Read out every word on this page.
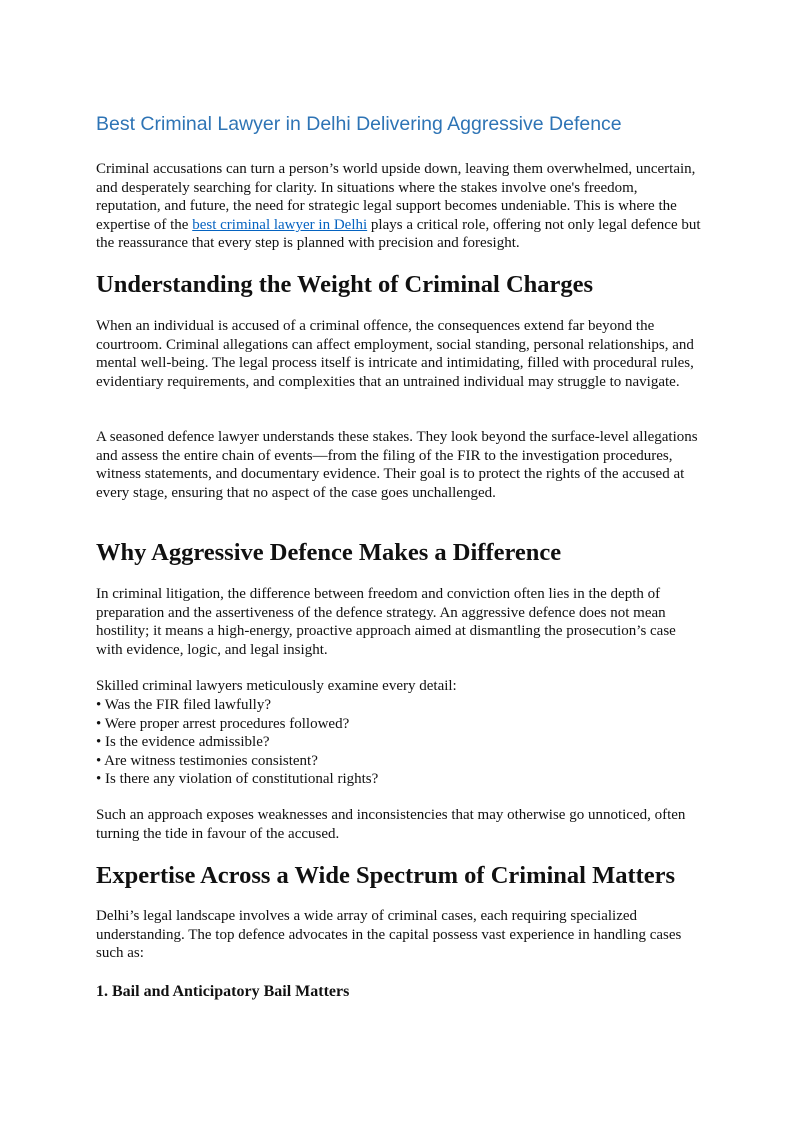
Best Criminal Lawyer in Delhi Delivering Aggressive Defence

Criminal accusations can turn a person’s world upside down, leaving them overwhelmed, uncertain, and desperately searching for clarity. In situations where the stakes involve one's freedom, reputation, and future, the need for strategic legal support becomes undeniable. This is where the expertise of the best criminal lawyer in Delhi plays a critical role, offering not only legal defence but the reassurance that every step is planned with precision and foresight.

Understanding the Weight of Criminal Charges

When an individual is accused of a criminal offence, the consequences extend far beyond the courtroom. Criminal allegations can affect employment, social standing, personal relationships, and mental well-being. The legal process itself is intricate and intimidating, filled with procedural rules, evidentiary requirements, and complexities that an untrained individual may struggle to navigate.

A seasoned defence lawyer understands these stakes. They look beyond the surface-level allegations and assess the entire chain of events—from the filing of the FIR to the investigation procedures, witness statements, and documentary evidence. Their goal is to protect the rights of the accused at every stage, ensuring that no aspect of the case goes unchallenged.

Why Aggressive Defence Makes a Difference

In criminal litigation, the difference between freedom and conviction often lies in the depth of preparation and the assertiveness of the defence strategy. An aggressive defence does not mean hostility; it means a high-energy, proactive approach aimed at dismantling the prosecution’s case with evidence, logic, and legal insight.

Skilled criminal lawyers meticulously examine every detail:

• Was the FIR filed lawfully?
• Were proper arrest procedures followed?
• Is the evidence admissible?
• Are witness testimonies consistent?
• Is there any violation of constitutional rights?

Such an approach exposes weaknesses and inconsistencies that may otherwise go unnoticed, often turning the tide in favour of the accused.

Expertise Across a Wide Spectrum of Criminal Matters

Delhi’s legal landscape involves a wide array of criminal cases, each requiring specialized understanding. The top defence advocates in the capital possess vast experience in handling cases such as:

1. Bail and Anticipatory Bail Matters
